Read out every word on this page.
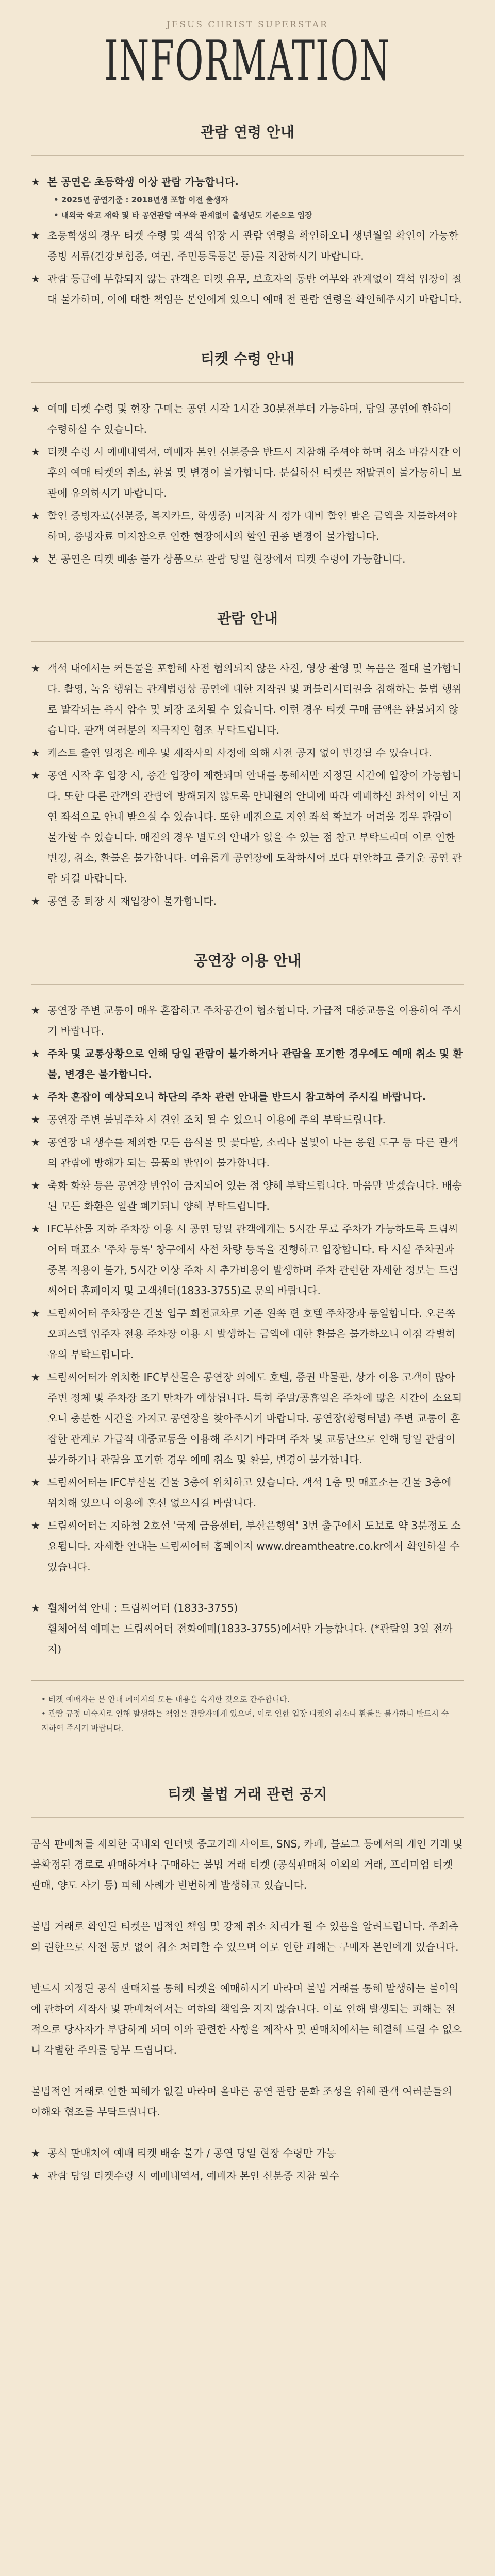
JESUS CHRIST SUPERSTAR
INFORMATION
관람 연령 안내
★ 본 공연은 초등학생 이상 관람 가능합니다.
• 2025년 공연기준 : 2018년생 포함 이전 출생자
• 내외국 학교 재학 및 타 공연관람 여부와 관계없이 출생년도 기준으로 입장
★ 초등학생의 경우 티켓 수령 및 객석 입장 시 관람 연령을 확인하오니 생년월일 확인이 가능한 증빙 서류(건강보험증, 여권, 주민등록등본 등)를 지참하시기 바랍니다.
★ 관람 등급에 부합되지 않는 관객은 티켓 유무, 보호자의 동반 여부와 관계없이 객석 입장이 절대 불가하며, 이에 대한 책임은 본인에게 있으니 예매 전 관람 연령을 확인해주시기 바랍니다.
티켓 수령 안내
★ 예매 티켓 수령 및 현장 구매는 공연 시작 1시간 30분전부터 가능하며, 당일 공연에 한하여 수령하실 수 있습니다.
★ 티켓 수령 시 예매내역서, 예매자 본인 신분증을 반드시 지참해 주셔야 하며 취소 마감시간 이후의 예매 티켓의 취소, 환불 및 변경이 불가합니다. 분실하신 티켓은 재발권이 불가능하니 보관에 유의하시기 바랍니다.
★ 할인 증빙자료(신분증, 복지카드, 학생증) 미지참 시 정가 대비 할인 받은 금액을 지불하셔야 하며, 증빙자료 미지참으로 인한 현장에서의 할인 권종 변경이 불가합니다.
★ 본 공연은 티켓 배송 불가 상품으로 관람 당일 현장에서 티켓 수령이 가능합니다.
관람 안내
★ 객석 내에서는 커튼콜을 포함해 사전 협의되지 않은 사진, 영상 촬영 및 녹음은 절대 불가합니다. 촬영, 녹음 행위는 관계법령상 공연에 대한 저작권 및 퍼블리시티권을 침해하는 불법 행위로 발각되는 즉시 압수 및 퇴장 조치될 수 있습니다. 이런 경우 티켓 구매 금액은 환불되지 않습니다. 관객 여러분의 적극적인 협조 부탁드립니다.
★ 캐스트 출연 일정은 배우 및 제작사의 사정에 의해 사전 공지 없이 변경될 수 있습니다.
★ 공연 시작 후 입장 시, 중간 입장이 제한되며 안내를 통해서만 지정된 시간에 입장이 가능합니다. 또한 다른 관객의 관람에 방해되지 않도록 안내원의 안내에 따라 예매하신 좌석이 아닌 지연 좌석으로 안내 받으실 수 있습니다. 또한 매진으로 지연 좌석 확보가 어려울 경우 관람이 불가할 수 있습니다. 매진의 경우 별도의 안내가 없을 수 있는 점 참고 부탁드리며 이로 인한 변경, 취소, 환불은 불가합니다. 여유롭게 공연장에 도착하시어 보다 편안하고 즐거운 공연 관람 되길 바랍니다.
★ 공연 중 퇴장 시 재입장이 불가합니다.
공연장 이용 안내
★ 공연장 주변 교통이 매우 혼잡하고 주차공간이 협소합니다. 가급적 대중교통을 이용하여 주시기 바랍니다.
★ 주차 및 교통상황으로 인해 당일 관람이 불가하거나 관람을 포기한 경우에도 예매 취소 및 환불, 변경은 불가합니다.
★ 주차 혼잡이 예상되오니 하단의 주차 관련 안내를 반드시 참고하여 주시길 바랍니다.
★ 공연장 주변 불법주차 시 견인 조치 될 수 있으니 이용에 주의 부탁드립니다.
★ 공연장 내 생수를 제외한 모든 음식물 및 꽃다발, 소리나 불빛이 나는 응원 도구 등 다른 관객의 관람에 방해가 되는 물품의 반입이 불가합니다.
★ 축화 화환 등은 공연장 반입이 금지되어 있는 점 양해 부탁드립니다. 마음만 받겠습니다. 배송된 모든 화환은 일괄 폐기되니 양해 부탁드립니다.
★ IFC부산몰 지하 주차장 이용 시 공연 당일 관객에게는 5시간 무료 주차가 가능하도록 드림씨어터 매표소 '주차 등록' 창구에서 사전 차량 등록을 진행하고 입장합니다. 타 시설 주차권과 중복 적용이 불가, 5시간 이상 주차 시 추가비용이 발생하며 주차 관련한 자세한 정보는 드림씨어터 홈페이지 및 고객센터(1833-3755)로 문의 바랍니다.
★ 드림씨어터 주차장은 건물 입구 회전교차로 기준 왼쪽 편 호텔 주차장과 동일합니다. 오른쪽 오피스텔 입주자 전용 주차장 이용 시 발생하는 금액에 대한 환불은 불가하오니 이점 각별히 유의 부탁드립니다.
★ 드림씨어터가 위치한 IFC부산몰은 공연장 외에도 호텔, 증권 박물관, 상가 이용 고객이 많아 주변 정체 및 주차장 조기 만차가 예상됩니다. 특히 주말/공휴일은 주차에 많은 시간이 소요되오니 충분한 시간을 가지고 공연장을 찾아주시기 바랍니다. 공연장(황령터널) 주변 교통이 혼잡한 관계로 가급적 대중교통을 이용해 주시기 바라며 주차 및 교통난으로 인해 당일 관람이 불가하거나 관람을 포기한 경우 예매 취소 및 환불, 변경이 불가합니다.
★ 드림씨어터는 IFC부산몰 건물 3층에 위치하고 있습니다. 객석 1층 및 매표소는 건물 3층에 위치해 있으니 이용에 혼선 없으시길 바랍니다.
★ 드림씨어터는 지하철 2호선 '국제 금융센터, 부산은행역' 3번 출구에서 도보로 약 3분정도 소요됩니다. 자세한 안내는 드림씨어터 홈페이지 www.dreamtheatre.co.kr에서 확인하실 수 있습니다.
★ 휠체어석 안내 : 드림씨어터 (1833-3755)
휠체어석 예매는 드림씨어터 전화예매(1833-3755)에서만 가능합니다. (*관람일 3일 전까지)
• 티켓 예매자는 본 안내 페이지의 모든 내용을 숙지한 것으로 간주합니다.
• 관람 규정 미숙지로 인해 발생하는 책임은 관람자에게 있으며, 이로 인한 입장 티켓의 취소나 환불은 불가하니 반드시 숙지하여 주시기 바랍니다.
티켓 불법 거래 관련 공지

공식 판매처를 제외한 국내외 인터넷 중고거래 사이트, SNS, 카페, 블로그 등에서의 개인 거래 및 불확정된 경로로 판매하거나 구매하는 불법 거래 티켓 (공식판매처 이외의 거래, 프리미엄 티켓 판매, 양도 사기 등) 피해 사례가 빈번하게 발생하고 있습니다.

불법 거래로 확인된 티켓은 법적인 책임 및 강제 취소 처리가 될 수 있음을 알려드립니다. 주최측의 권한으로 사전 통보 없이 취소 처리할 수 있으며 이로 인한 피해는 구매자 본인에게 있습니다.

반드시 지정된 공식 판매처를 통해 티켓을 예매하시기 바라며 불법 거래를 통해 발생하는 불이익에 관하여 제작사 및 판매처에서는 여하의 책임을 지지 않습니다. 이로 인해 발생되는 피해는 전적으로 당사자가 부담하게 되며 이와 관련한 사항을 제작사 및 판매처에서는 해결해 드릴 수 없으니 각별한 주의를 당부 드립니다.

불법적인 거래로 인한 피해가 없길 바라며 올바른 공연 관람 문화 조성을 위해 관객 여러분들의 이해와 협조를 부탁드립니다.

★ 공식 판매처에 예매 티켓 배송 불가 / 공연 당일 현장 수령만 가능
★ 관람 당일 티켓수령 시 예매내역서, 예매자 본인 신분증 지참 필수
